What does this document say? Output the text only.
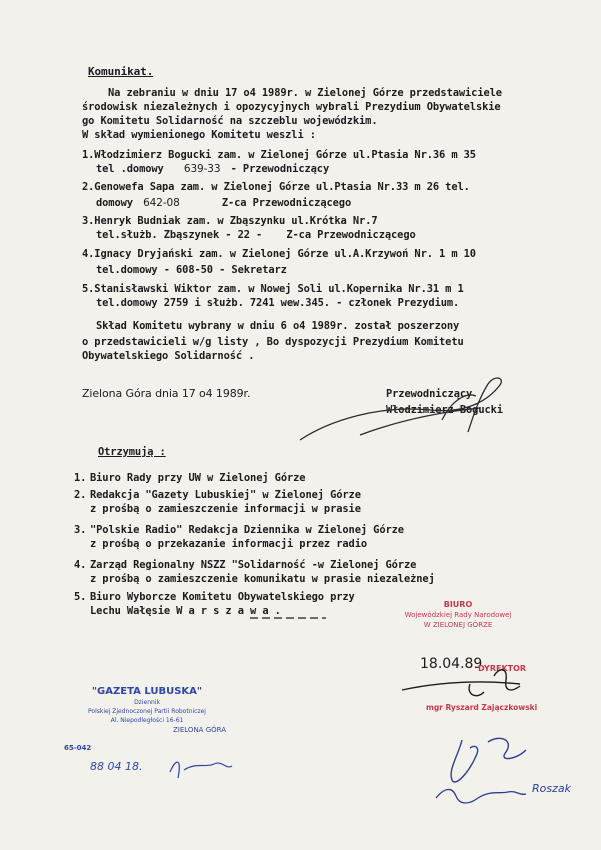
Komunikat.
Na zebraniu w dniu 17 o4 1989r. w Zielonej Górze przedstawiciele
środowisk niezależnych i opozycyjnych wybrali Prezydium Obywatelskie
go Komitetu Solidarność na szczeblu wojewódzkim.
W skład wymienionego Komitetu weszli :
1.Włodzimierz Bogucki zam. w Zielonej Górze ul.Ptasia Nr.36 m 35
tel .domowy 639-33 - Przewodniczący
2.Genowefa Sapa zam. w Zielonej Górze ul.Ptasia Nr.33 m 26 tel.
domowy 642-08	Z-ca Przewodniczącego
3.Henryk Budniak zam. w Zbąszynku ul.Krótka Nr.7
tel.służb. Zbąszynek - 22 - Z-ca Przewodniczącego
4.Ignacy Dryjański zam. w Zielonej Górze ul.A.Krzywoń Nr. 1 m 10
tel.domowy - 608-50 - Sekretarz
5.Stanisławski Wiktor zam. w Nowej Soli ul.Kopernika Nr.31 m 1
tel.domowy 2759 i służb. 7241 wew.345. - członek Prezydium.
Skład Komitetu wybrany w dniu 6 o4 1989r. został poszerzony
o przedstawicieli w/g listy , Bo dyspozycji Prezydium Komitetu
Obywatelskiego Solidarność .
Zielona Góra dnia 17 o4 1989r.	Przewodniczący
Włodzimierz Bogucki
Otrzymują :
1. Biuro Rady przy UW w Zielonej Górze
2. Redakcja "Gazety Lubuskiej" w Zielonej Górze
z prośbą o zamieszczenie informacji w prasie
3. "Polskie Radio" Redakcja Dziennika w Zielonej Górze
z prośbą o przekazanie informacji przez radio
4. Zarząd Regionalny NSZZ "Solidarność -w Zielonej Górze
z prośbą o zamieszczenie komunikatu w prasie niezależnej
5. Biuro Wyborcze Komitetu Obywatelskiego przy
Lechu Wałęsie W a r s z a w a .
BIURO
Wojewódzkiej Rady Narodowej
W ZIELONEJ GÓRZE
18.04.89
DYREKTOR
mgr Ryszard Zajączkowski
"GAZETA LUBUSKA"
Dziennik
Polskiej Zjednoczonej Partii Robotniczej
Al. Niepodległości 16-61
ZIELONA GÓRA
65-042
88 04 18.
Roszak
